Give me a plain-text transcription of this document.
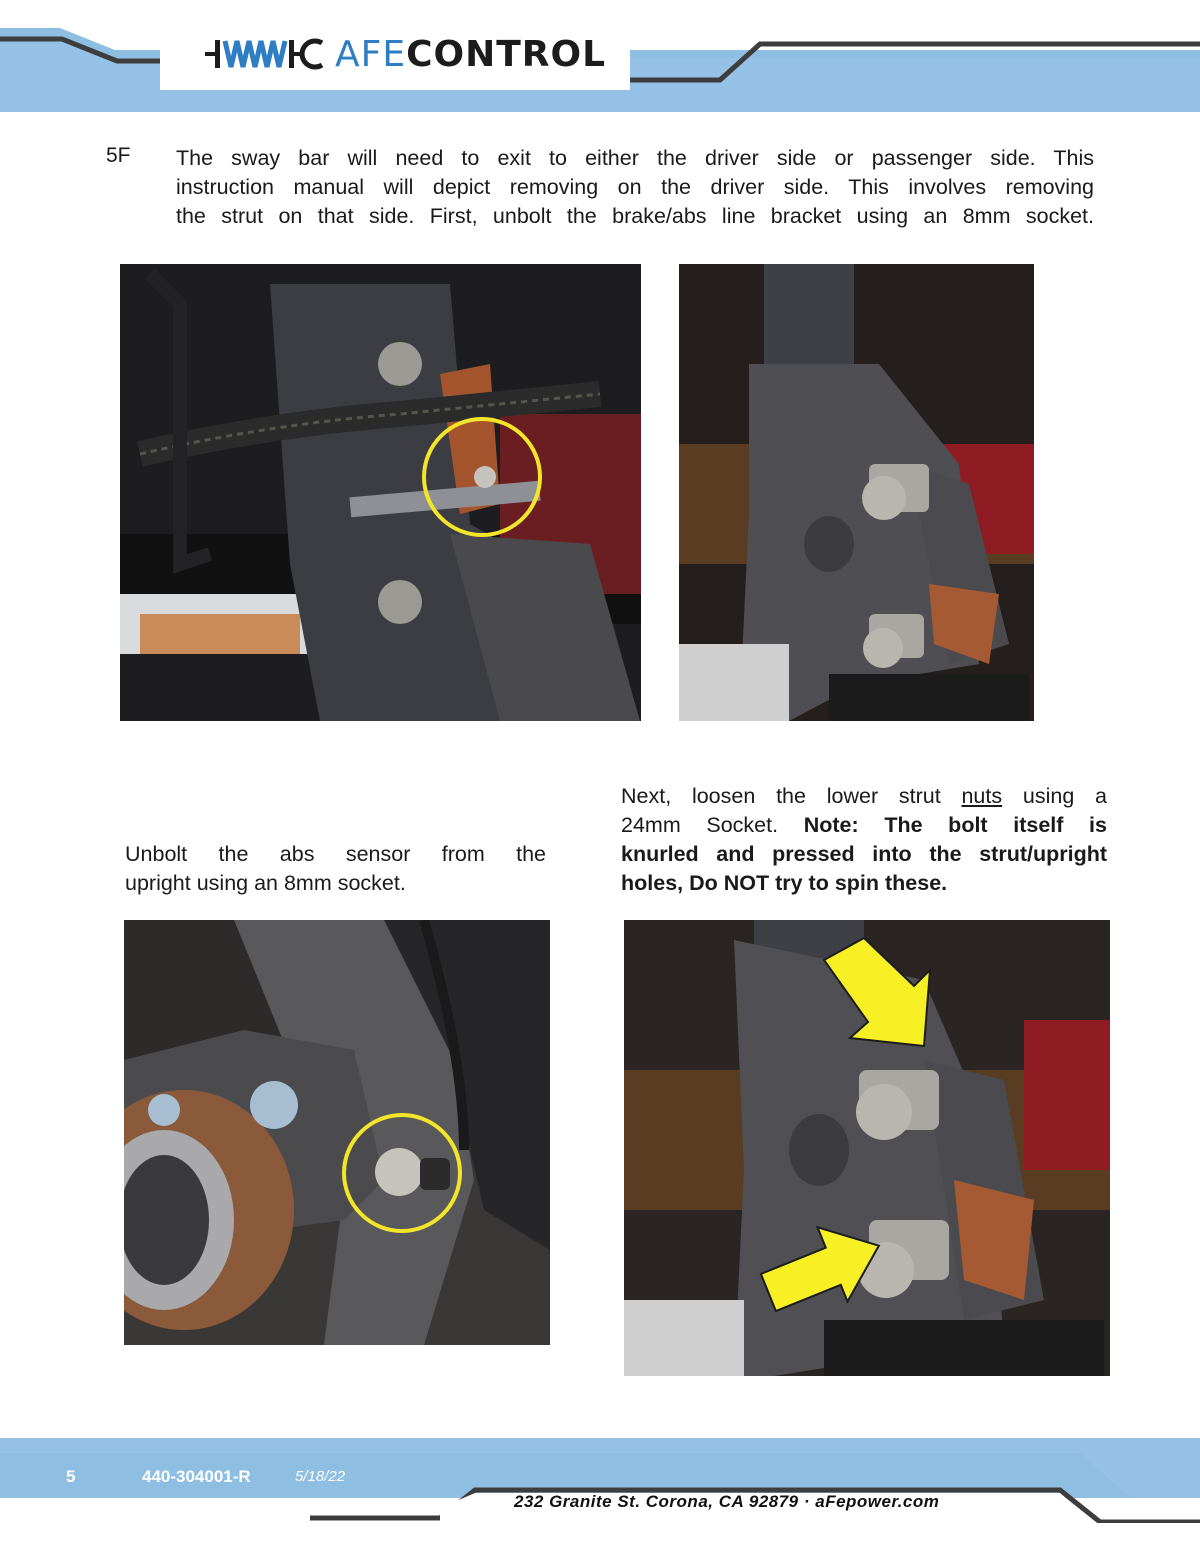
AFECONTROL
5F The sway bar will need to exit to either the driver side or passenger side. This
instruction manual will depict removing on the driver side. This involves removing
the strut on that side. First, unbolt the brake/abs line bracket using an 8mm socket.
Unbolt the abs sensor from the
upright using an 8mm socket.
Next, loosen the lower strut nuts using a
24mm Socket. Note: The bolt itself is
knurled and pressed into the strut/upright
holes, Do NOT try to spin these.
5	440-304001-R	5/18/22
232 Granite St. Corona, CA 92879 · aFepower.com
